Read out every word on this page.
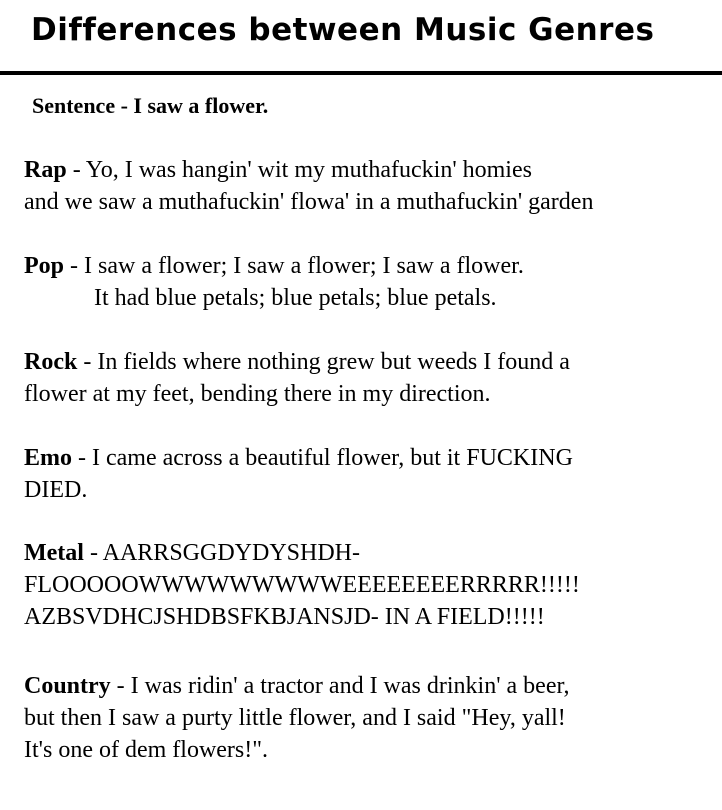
Differences between Music Genres
Sentence - I saw a flower.
Rap - Yo, I was hangin' wit my muthafuckin' homies
and we saw a muthafuckin' flowa' in a muthafuckin' garden
Pop - I saw a flower; I saw a flower; I saw a flower.
It had blue petals; blue petals; blue petals.
Rock - In fields where nothing grew but weeds I found a
flower at my feet, bending there in my direction.
Emo - I came across a beautiful flower, but it FUCKING
DIED.
Metal - AARRSGGDYDYSHDH-
FLOOOOOWWWWWWWWWEEEEEEEERRRRR!!!!!
AZBSVDHCJSHDBSFKBJANSJD- IN A FIELD!!!!!
Country - I was ridin' a tractor and I was drinkin' a beer,
but then I saw a purty little flower, and I said "Hey, yall!
It's one of dem flowers!".
